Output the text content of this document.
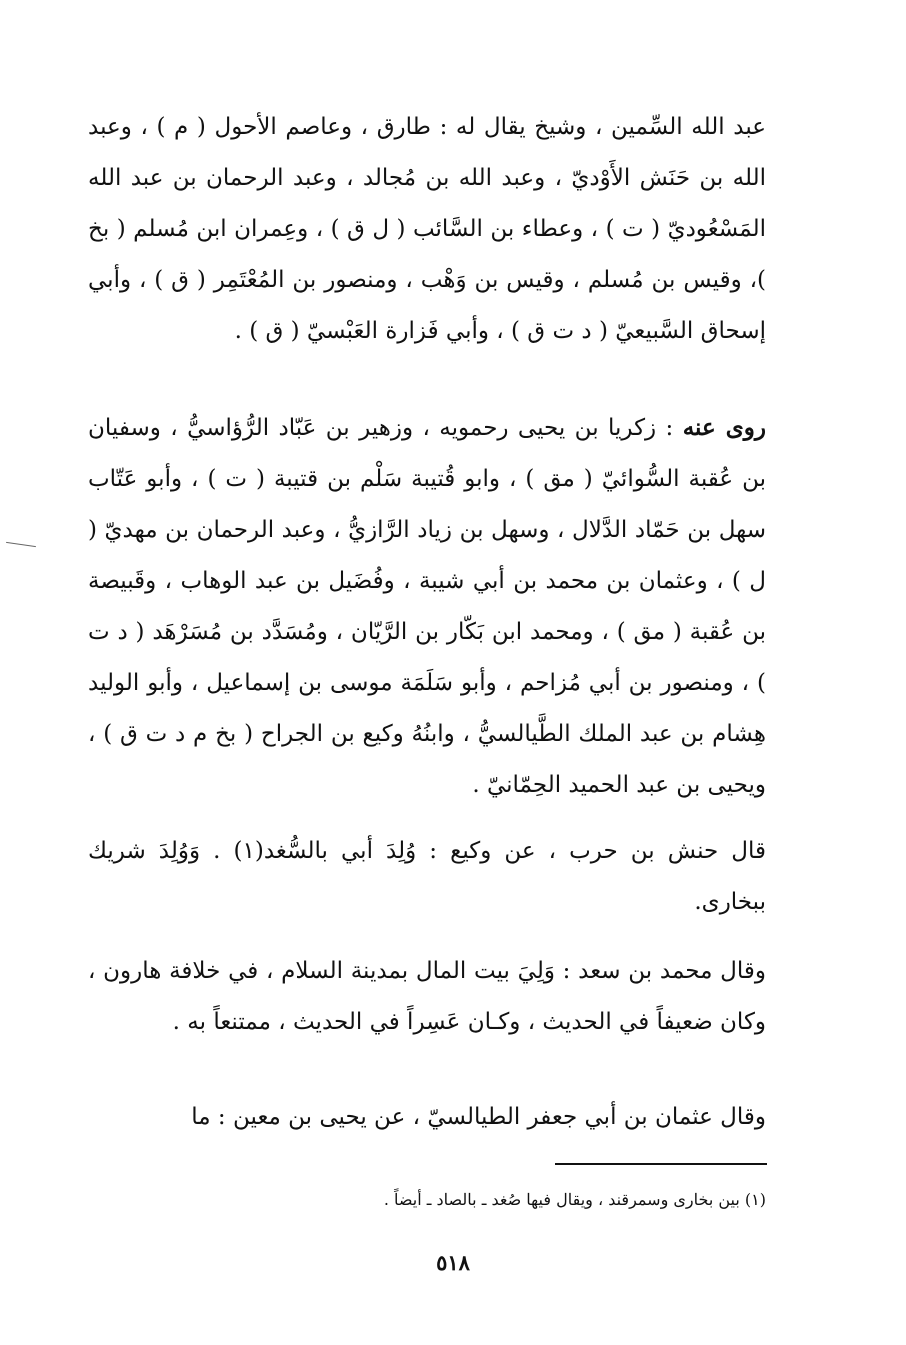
عبد الله السِّمين ، وشيخ يقال له : طارق ، وعاصم الأحول ( م ) ، وعبد الله بن حَنَش الأَوْديّ ، وعبد الله بن مُجالد ، وعبد الرحمان بن عبد الله المَسْعُوديّ ( ت ) ، وعطاء بن السَّائب ( ل ق ) ، وعِمران ابن مُسلم ( بخ )، وقيس بن مُسلم ، وقيس بن وَهْب ، ومنصور بن المُعْتَمِر ( ق ) ، وأبي إسحاق السَّبيعيّ ( د ت ق ) ، وأبي فَزارة العَبْسيّ ( ق ) .

روى عنه : زكريا بن يحيى رحمويه ، وزهير بن عَبّاد الرُّؤاسيُّ ، وسفيان بن عُقبة السُّوائيّ ( مق ) ، وابو قُتيبة سَلْم بن قتيبة ( ت ) ، وأبو عَتّاب سهل بن حَمّاد الدَّلال ، وسهل بن زياد الرَّازيُّ ، وعبد الرحمان بن مهديّ ( ل ) ، وعثمان بن محمد بن أبي شيبة ، وفُضَيل بن عبد الوهاب ، وقَبيصة بن عُقبة ( مق ) ، ومحمد ابن بَكّار بن الرَّيّان ، ومُسَدَّد بن مُسَرْهَد ( د ت ) ، ومنصور بن أبي مُزاحم ، وأبو سَلَمَة موسى بن إسماعيل ، وأبو الوليد هِشام بن عبد الملك الطَّيالسيُّ ، وابنُهُ وكيع بن الجراح ( بخ م د ت ق ) ، ويحيى بن عبد الحميد الحِمّانيّ .

قال حنش بن حرب ، عن وكيع : وُلِدَ أبي بالسُّغد(١) . وَوُلِدَ شريك ببخارى.

وقال محمد بن سعد : وَلِيَ بيت المال بمدينة السلام ، في خلافة هارون ، وكان ضعيفاً في الحديث ، وكـان عَسِراً في الحديث ، ممتنعاً به .

وقال عثمان بن أبي جعفر الطيالسيّ ، عن يحيى بن معين : ما

(١) بين بخارى وسمرقند ، ويقال فيها صُغد ـ بالصاد ـ أيضاً .
٥١٨
